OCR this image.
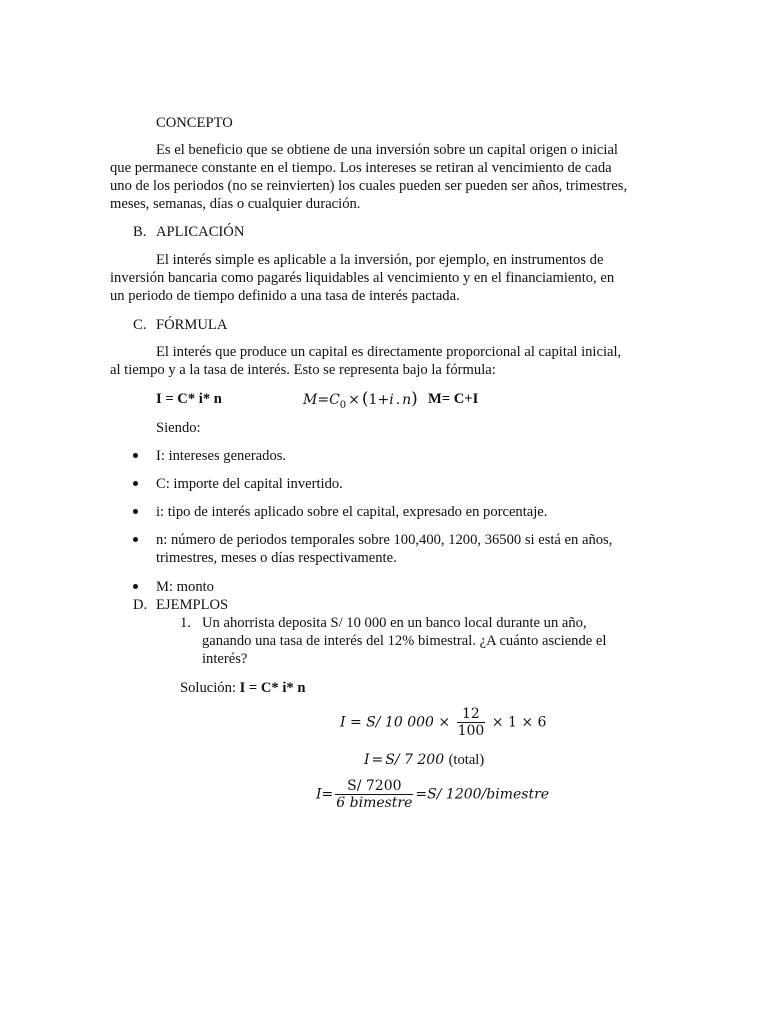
CONCEPTO
Es el beneficio que se obtiene de una inversión sobre un capital origen o inicial
que permanece constante en el tiempo. Los intereses se retiran al vencimiento de cada
uno de los periodos (no se reinvierten) los cuales pueden ser pueden ser años, trimestres,
meses, semanas, días o cualquier duración.
B. APLICACIÓN
El interés simple es aplicable a la inversión, por ejemplo, en instrumentos de
inversión bancaria como pagarés liquidables al vencimiento y en el financiamiento, en
un periodo de tiempo definido a una tasa de interés pactada.
C. FÓRMULA
El interés que produce un capital es directamente proporcional al capital inicial,
al tiempo y a la tasa de interés. Esto se representa bajo la fórmula:
I = C* i* n	$M=C_0 \times (1+i$ . n) M= C+I
Siendo:
I: intereses generados.
C: importe del capital invertido.
i: tipo de interés aplicado sobre el capital, expresado en porcentaje.
n: número de periodos temporales sobre 100,400, 1200, 36500 si está en años,
trimestres, meses o días respectivamente.
M: monto
D. EJEMPLOS
1. Un ahorrista deposita S/ 10 000 en un banco local durante un año,
ganando una tasa de interés del 12% bimestral. ¿A cuánto asciende el
interés?
Solución: I = C* i* n
I = S/ 10 $000 \times \frac{12}{100} \times 1 \times 6$
I = S/ 7 200 (total)
$I= \frac{S/ 7200}{\text{6 bimestre}} =S/$ 1200/bimestre
